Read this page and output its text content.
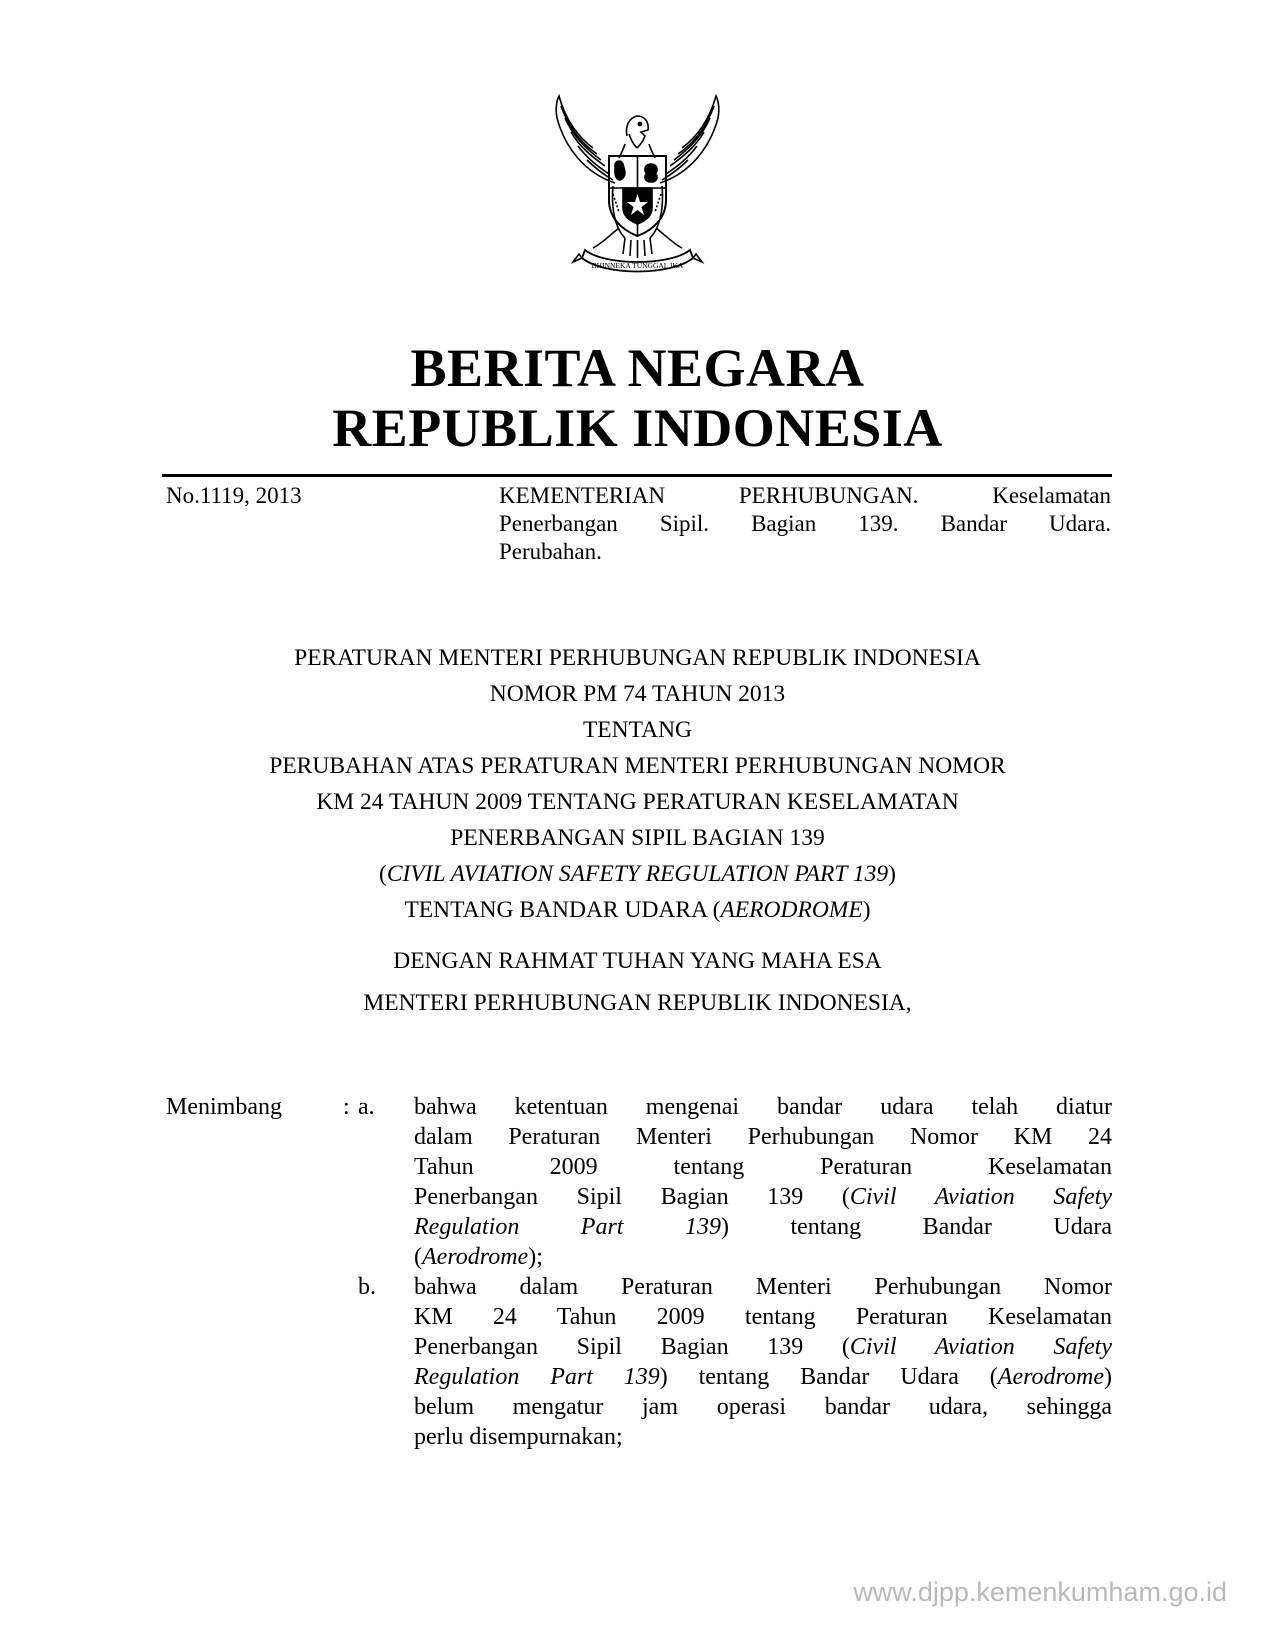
BHINNEKA TUNGGAL IKA
BERITA NEGARA
REPUBLIK INDONESIA
No.1119, 2013	KEMENTERIAN PERHUBUNGAN. Keselamatan
Penerbangan Sipil. Bagian 139. Bandar Udara.
Perubahan.
PERATURAN MENTERI PERHUBUNGAN REPUBLIK INDONESIA
NOMOR PM 74 TAHUN 2013
TENTANG
PERUBAHAN ATAS PERATURAN MENTERI PERHUBUNGAN NOMOR
KM 24 TAHUN 2009 TENTANG PERATURAN KESELAMATAN
PENERBANGAN SIPIL BAGIAN 139
(CIVIL AVIATION SAFETY REGULATION PART 139)
TENTANG BANDAR UDARA (AERODROME)
DENGAN RAHMAT TUHAN YANG MAHA ESA
MENTERI PERHUBUNGAN REPUBLIK INDONESIA,
Menimbang	: a. bahwa ketentuan mengenai bandar udara telah diatur
dalam Peraturan Menteri Perhubungan Nomor KM 24
Tahun 2009 tentang Peraturan Keselamatan
Penerbangan Sipil Bagian 139 (Civil Aviation Safety
Regulation Part 139) tentang Bandar Udara
(Aerodrome);
b. bahwa dalam Peraturan Menteri Perhubungan Nomor
KM 24 Tahun 2009 tentang Peraturan Keselamatan
Penerbangan Sipil Bagian 139 (Civil Aviation Safety
Regulation Part 139) tentang Bandar Udara (Aerodrome)
belum mengatur jam operasi bandar udara, sehingga
perlu disempurnakan;
www.djpp.kemenkumham.go.id
